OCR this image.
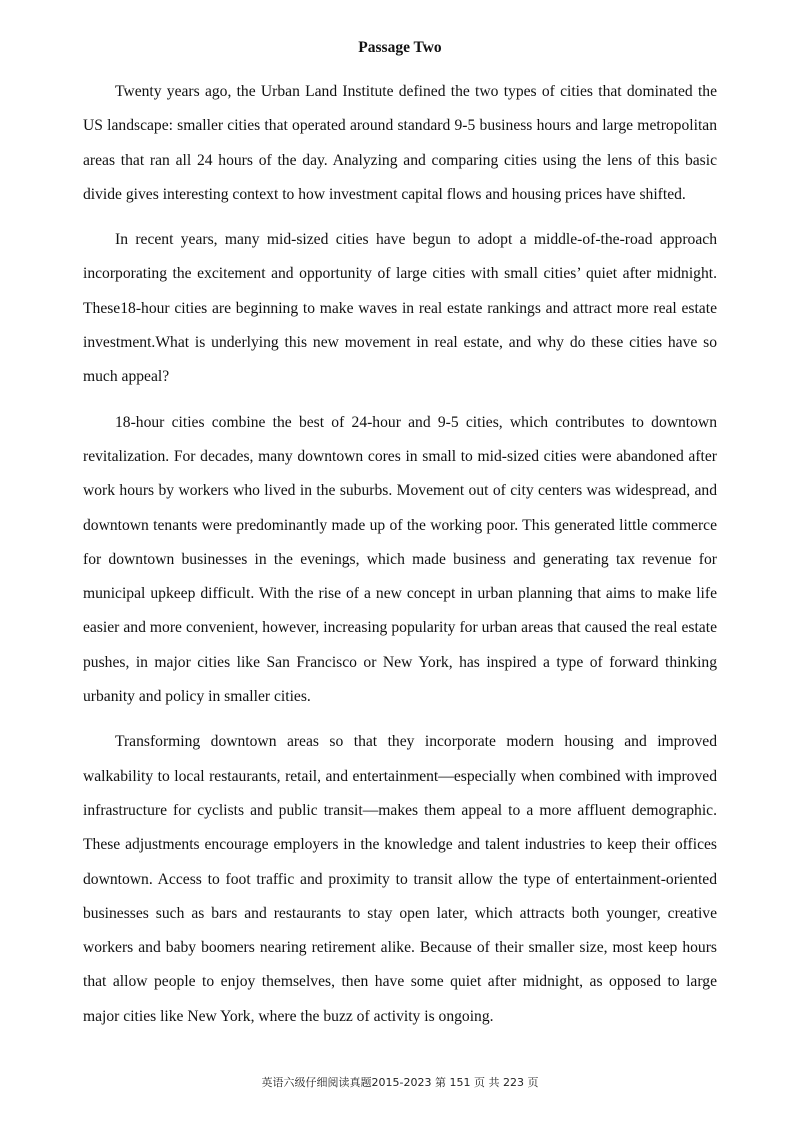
Passage Two

Twenty years ago, the Urban Land Institute defined the two types of cities that dominated the US landscape: smaller cities that operated around standard 9-5 business hours and large metropolitan areas that ran all 24 hours of the day. Analyzing and comparing cities using the lens of this basic divide gives interesting context to how investment capital flows and housing prices have shifted.

In recent years, many mid-sized cities have begun to adopt a middle-of-the-road approach incorporating the excitement and opportunity of large cities with small cities’ quiet after midnight. These18-hour cities are beginning to make waves in real estate rankings and attract more real estate investment.What is underlying this new movement in real estate, and why do these cities have so much appeal?

18-hour cities combine the best of 24-hour and 9-5 cities, which contributes to downtown revitalization. For decades, many downtown cores in small to mid-sized cities were abandoned after work hours by workers who lived in the suburbs. Movement out of city centers was widespread, and downtown tenants were predominantly made up of the working poor. This generated little commerce for downtown businesses in the evenings, which made business and generating tax revenue for municipal upkeep difficult. With the rise of a new concept in urban planning that aims to make life easier and more convenient, however, increasing popularity for urban areas that caused the real estate pushes, in major cities like San Francisco or New York, has inspired a type of forward thinking urbanity and policy in smaller cities.

Transforming downtown areas so that they incorporate modern housing and improved walkability to local restaurants, retail, and entertainment—especially when combined with improved infrastructure for cyclists and public transit—makes them appeal to a more affluent demographic. These adjustments encourage employers in the knowledge and talent industries to keep their offices downtown. Access to foot traffic and proximity to transit allow the type of entertainment-oriented businesses such as bars and restaurants to stay open later, which attracts both younger, creative workers and baby boomers nearing retirement alike. Because of their smaller size, most keep hours that allow people to enjoy themselves, then have some quiet after midnight, as opposed to large major cities like New York, where the buzz of activity is ongoing.

英语六级仔细阅读真题2015-2023 第 151 页 共 223 页
